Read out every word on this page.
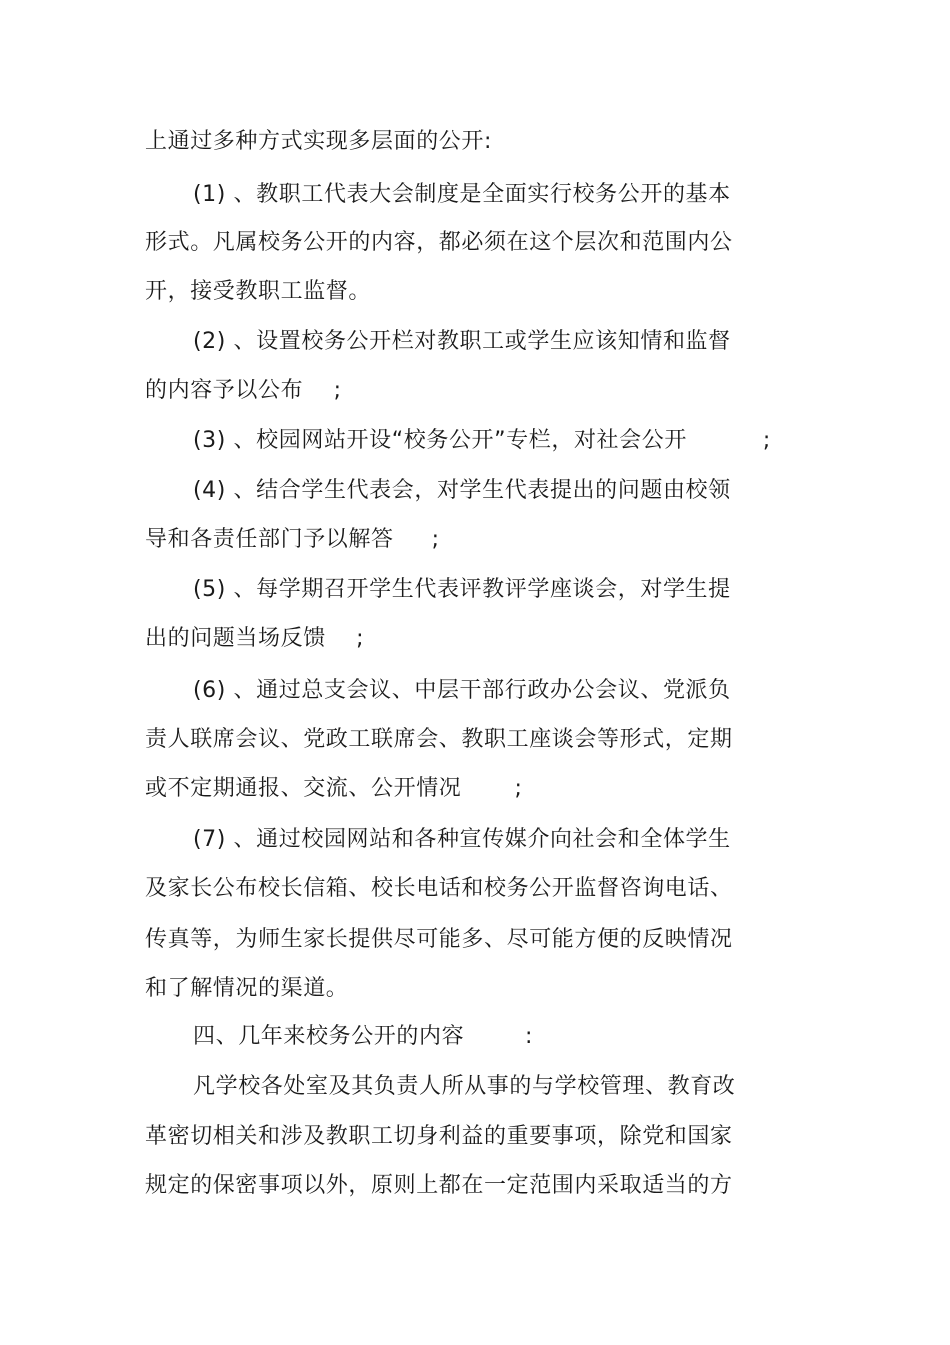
上通过多种方式实现多层面的公开:
(1) 、教职工代表大会制度是全面实行校务公开的基本
形式。凡属校务公开的内容，都必须在这个层次和范围内公
开，接受教职工监督。
(2) 、设置校务公开栏对教职工或学生应该知情和监督
的内容予以公布    ;
(3) 、校园网站开设“校务公开”专栏，对社会公开          ;
(4) 、结合学生代表会，对学生代表提出的问题由校领
导和各责任部门予以解答     ;
(5) 、每学期召开学生代表评教评学座谈会，对学生提
出的问题当场反馈    ;
(6) 、通过总支会议、中层干部行政办公会议、党派负
责人联席会议、党政工联席会、教职工座谈会等形式，定期
或不定期通报、交流、公开情况       ;
(7) 、通过校园网站和各种宣传媒介向社会和全体学生
及家长公布校长信箱、校长电话和校务公开监督咨询电话、
传真等，为师生家长提供尽可能多、尽可能方便的反映情况
和了解情况的渠道。
四、几年来校务公开的内容        :
凡学校各处室及其负责人所从事的与学校管理、教育改
革密切相关和涉及教职工切身利益的重要事项，除党和国家
规定的保密事项以外，原则上都在一定范围内采取适当的方
